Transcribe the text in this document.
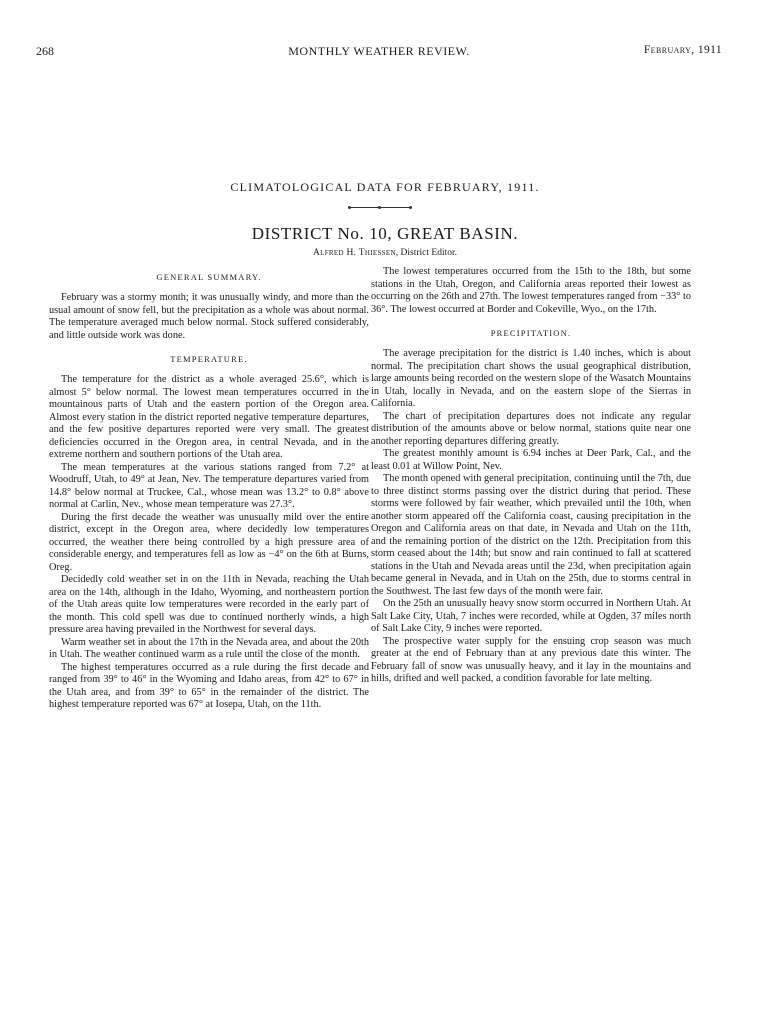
268	MONTHLY WEATHER REVIEW.	February, 1911
CLIMATOLOGICAL DATA FOR FEBRUARY, 1911.
DISTRICT No. 10, GREAT BASIN.
Alfred H. Thiessen, District Editor.
GENERAL SUMMARY.

February was a stormy month; it was unusually windy, and more than the usual amount of snow fell, but the precipitation as a whole was about normal. The temperature averaged much below normal. Stock suffered considerably, and little outside work was done.

TEMPERATURE.

The temperature for the district as a whole averaged 25.6°, which is almost 5° below normal. The lowest mean temperatures occurred in the mountainous parts of Utah and the eastern portion of the Oregon area. Almost every station in the district reported negative temperature departures, and the few positive departures reported were very small. The greatest deficiencies occurred in the Oregon area, in central Nevada, and in the extreme northern and southern portions of the Utah area.

The mean temperatures at the various stations ranged from 7.2° at Woodruff, Utah, to 49° at Jean, Nev. The temperature departures varied from 14.8° below normal at Truckee, Cal., whose mean was 13.2° to 0.8° above normal at Carlin, Nev., whose mean temperature was 27.3°.

During the first decade the weather was unusually mild over the entire district, except in the Oregon area, where decidedly low temperatures occurred, the weather there being controlled by a high pressure area of considerable energy, and temperatures fell as low as −4° on the 6th at Burns, Oreg.

Decidedly cold weather set in on the 11th in Nevada, reaching the Utah area on the 14th, although in the Idaho, Wyoming, and northeastern portion of the Utah areas quite low temperatures were recorded in the early part of the month. This cold spell was due to continued northerly winds, a high pressure area having prevailed in the Northwest for several days.

Warm weather set in about the 17th in the Nevada area, and about the 20th in Utah. The weather continued warm as a rule until the close of the month.

The highest temperatures occurred as a rule during the first decade and ranged from 39° to 46° in the Wyoming and Idaho areas, from 42° to 67° in the Utah area, and from 39° to 65° in the remainder of the district. The highest temperature reported was 67° at Iosepa, Utah, on the 11th.

The lowest temperatures occurred from the 15th to the 18th, but some stations in the Utah, Oregon, and California areas reported their lowest as occurring on the 26th and 27th. The lowest temperatures ranged from −33° to 36°. The lowest occurred at Border and Cokeville, Wyo., on the 17th.

PRECIPITATION.

The average precipitation for the district is 1.40 inches, which is about normal. The precipitation chart shows the usual geographical distribution, large amounts being recorded on the western slope of the Wasatch Mountains in Utah, locally in Nevada, and on the eastern slope of the Sierras in California.

The chart of precipitation departures does not indicate any regular distribution of the amounts above or below normal, stations quite near one another reporting departures differing greatly.

The greatest monthly amount is 6.94 inches at Deer Park, Cal., and the least 0.01 at Willow Point, Nev.

The month opened with general precipitation, continuing until the 7th, due to three distinct storms passing over the district during that period. These storms were followed by fair weather, which prevailed until the 10th, when another storm appeared off the California coast, causing precipitation in the Oregon and California areas on that date, in Nevada and Utah on the 11th, and the remaining portion of the district on the 12th. Precipitation from this storm ceased about the 14th; but snow and rain continued to fall at scattered stations in the Utah and Nevada areas until the 23d, when precipitation again became general in Nevada, and in Utah on the 25th, due to storms central in the Southwest. The last few days of the month were fair.

On the 25th an unusually heavy snow storm occurred in Northern Utah. At Salt Lake City, Utah, 7 inches were recorded, while at Ogden, 37 miles north of Salt Lake City, 9 inches were reported.

The prospective water supply for the ensuing crop season was much greater at the end of February than at any previous date this winter. The February fall of snow was unusually heavy, and it lay in the mountains and hills, drifted and well packed, a condition favorable for late melting.
